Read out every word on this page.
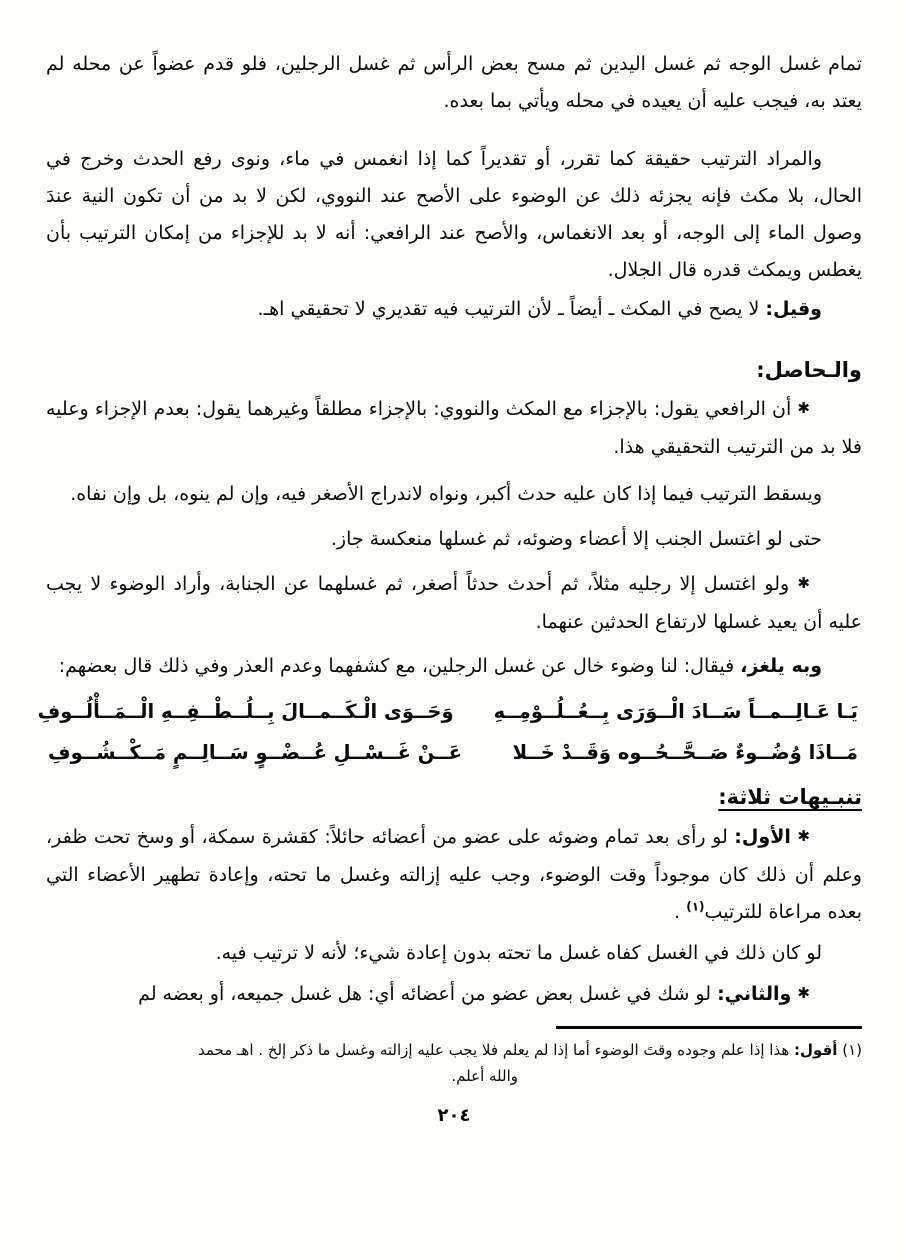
تمام غسل الوجه ثم غسل اليدين ثم مسح بعض الرأس ثم غسل الرجلين، فلو قدم عضواً عن محله لم يعتد به، فيجب عليه أن يعيده في محله ويأتي بما بعده.

والمراد الترتيب حقيقة كما تقرر، أو تقديراً كما إذا انغمس في ماء، ونوى رفع الحدث وخرج في الحال، بلا مكث فإنه يجزئه ذلك عن الوضوء على الأصح عند النووي، لكن لا بد من أن تكون النية عندَ وصول الماء إلى الوجه، أو بعد الانغماس، والأصح عند الرافعي: أنه لا بد للإجزاء من إمكان الترتيب بأن يغطس ويمكث قدره قال الجلال.

وقيل: لا يصح في المكث ـ أيضاً ـ لأن الترتيب فيه تقديري لا تحقيقي اهـ.

والـحاصل:

✱ أن الرافعي يقول: بالإجزاء مع المكث والنووي: بالإجزاء مطلقاً وغيرهما يقول: بعدم الإجزاء وعليه فلا بد من الترتيب التحقيقي هذا.

ويسقط الترتيب فيما إذا كان عليه حدث أكبر، ونواه لاندراج الأصغر فيه، وإن لم ينوه، بل وإن نفاه.

حتى لو اغتسل الجنب إلا أعضاء وضوئه، ثم غسلها منعكسة جاز.

✱ ولو اغتسل إلا رجليه مثلاً، ثم أحدث حدثاً أصغر، ثم غسلهما عن الجنابة، وأراد الوضوء لا يجب عليه أن يعيد غسلها لارتفاع الحدثين عنهما.

وبه يلغز، فيقال: لنا وضوء خال عن غسل الرجلين، مع كشفهما وعدم العذر وفي ذلك قال بعضهم:

يَـا عَـالِــمــاً سَــادَ الْــوَرَى بِــعُــلُــوْمِــهِ
وَحَــوَى الْـكَــمــالَ بِــلُــطْــفِــهِ الْــمَــأْلُــوفِ
مَــاذَا وُضُــوءٌ صَــحَّــحُــوه وَقَــدْ خَــلا
عَــنْ غَــسْــلِ عُــضْــوٍ سَــالِــمٍ مَــكْــشُــوفِ
تنبـيهات ثلاثة:

✱ الأول: لو رأى بعد تمام وضوئه على عضو من أعضائه حائلاً: كقشرة سمكة، أو وسخ تحت ظفر، وعلم أن ذلك كان موجوداً وقت الوضوء، وجب عليه إزالته وغسل ما تحته، وإعادة تطهير الأعضاء التي بعده مراعاة للترتيب$^{(١)}$ .

لو كان ذلك في الغسل كفاه غسل ما تحته بدون إعادة شيء؛ لأنه لا ترتيب فيه.

✱ والثاني: لو شك في غسل بعض عضو من أعضائه أي: هل غسل جميعه، أو بعضه لم

(١) أقول: هذا إذا علم وجوده وقتَ الوضوء أما إذا لم يعلم فلا يجب عليه إزالته وغسل ما ذكر إلخ . اهـ محمد

والله أعلم.

٢٠٤
